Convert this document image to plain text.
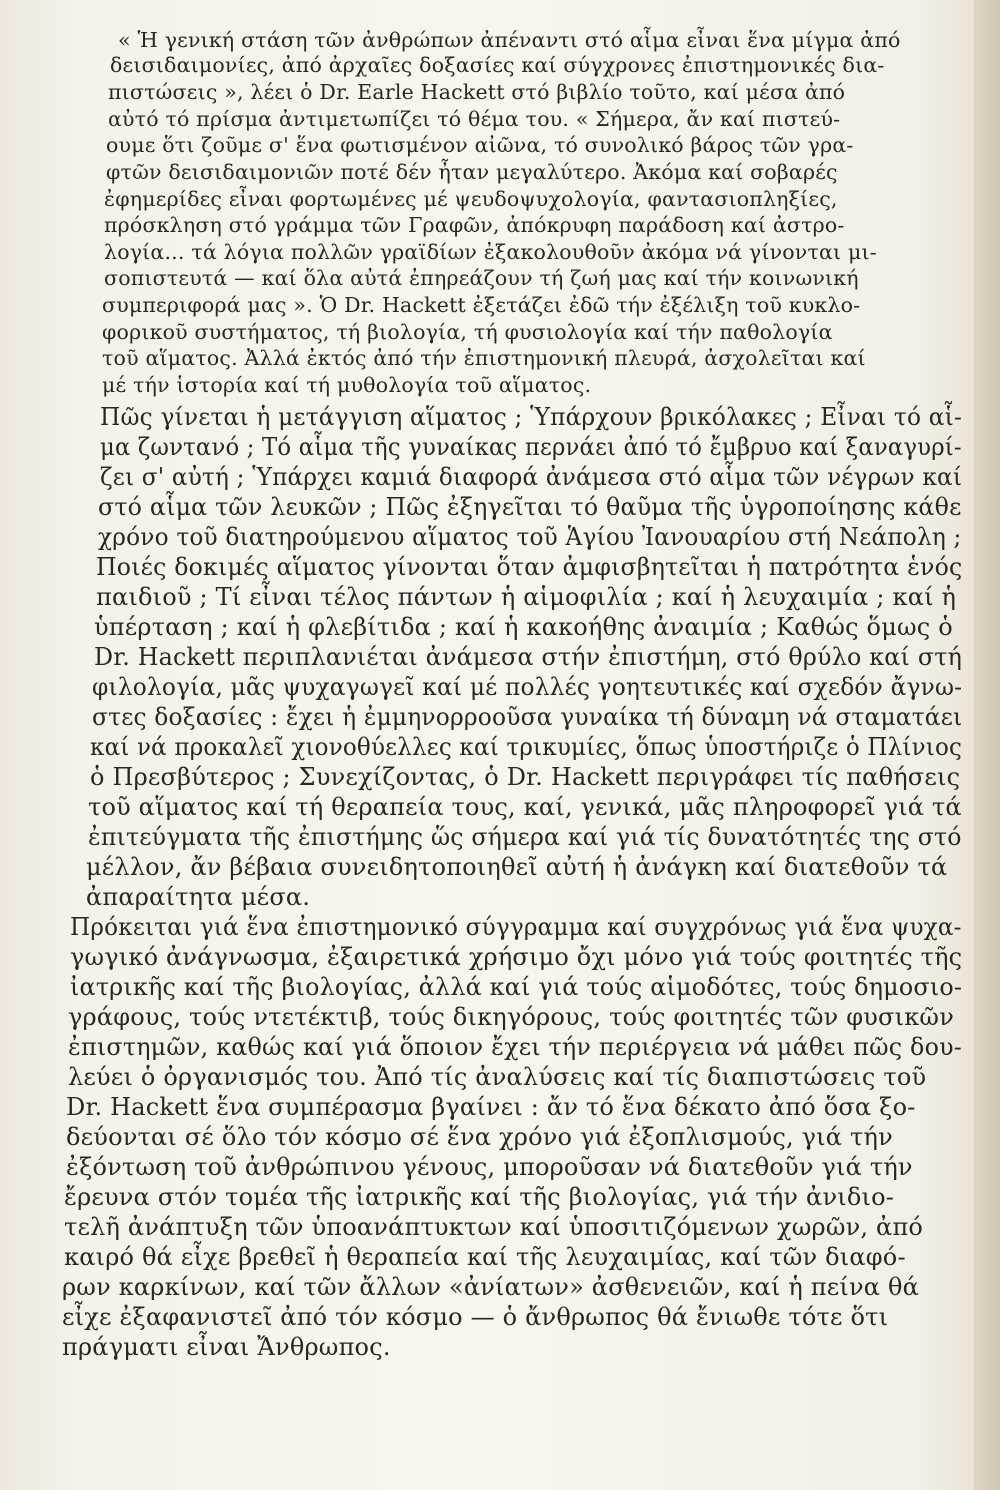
« Ἡ γενική στάση τῶν ἀνθρώπων ἀπέναντι στό αἷμα εἶναι ἕνα μίγμα ἀπό
δεισιδαιμονίες, ἀπό ἀρχαῖες δοξασίες καί σύγχρονες ἐπιστημονικές δια-
πιστώσεις », λέει ὁ Dr. Earle Hackett στό βιβλίο τοῦτο, καί μέσα ἀπό
αὐτό τό πρίσμα ἀντιμετωπίζει τό θέμα του. « Σήμερα, ἄν καί πιστεύ-
ουμε ὅτι ζοῦμε σ' ἕνα φωτισμένον αἰῶνα, τό συνολικό βάρος τῶν γρα-
φτῶν δεισιδαιμονιῶν ποτέ δέν ἦταν μεγαλύτερο. Ἀκόμα καί σοβαρές
ἐφημερίδες εἶναι φορτωμένες μέ ψευδοψυχολογία, φαντασιοπληξίες,
πρόσκληση στό γράμμα τῶν Γραφῶν, ἀπόκρυφη παράδοση καί ἀστρο-
λογία... τά λόγια πολλῶν γραϊδίων ἐξακολουθοῦν ἀκόμα νά γίνονται μι-
σοπιστευτά — καί ὅλα αὐτά ἐπηρεάζουν τή ζωή μας καί τήν κοινωνική
συμπεριφορά μας ». Ὁ Dr. Hackett ἐξετάζει ἐδῶ τήν ἐξέλιξη τοῦ κυκλο-
φορικοῦ συστήματος, τή βιολογία, τή φυσιολογία καί τήν παθολογία
τοῦ αἵματος. Ἀλλά ἐκτός ἀπό τήν ἐπιστημονική πλευρά, ἀσχολεῖται καί
μέ τήν ἱστορία καί τή μυθολογία τοῦ αἵματος.
Πῶς γίνεται ἡ μετάγγιση αἵματος ; Ὑπάρχουν βρικόλακες ; Εἶναι τό αἷ-
μα ζωντανό ; Τό αἷμα τῆς γυναίκας περνάει ἀπό τό ἔμβρυο καί ξαναγυρί-
ζει σ' αὐτή ; Ὑπάρχει καμιά διαφορά ἀνάμεσα στό αἷμα τῶν νέγρων καί
στό αἷμα τῶν λευκῶν ; Πῶς ἐξηγεῖται τό θαῦμα τῆς ὑγροποίησης κάθε
χρόνο τοῦ διατηρούμενου αἵματος τοῦ Ἁγίου Ἰανουαρίου στή Νεάπολη ;
Ποιές δοκιμές αἵματος γίνονται ὅταν ἀμφισβητεῖται ἡ πατρότητα ἑνός
παιδιοῦ ; Τί εἶναι τέλος πάντων ἡ αἱμοφιλία ; καί ἡ λευχαιμία ; καί ἡ
ὑπέρταση ; καί ἡ φλεβίτιδα ; καί ἡ κακοήθης ἀναιμία ; Καθώς ὅμως ὁ
Dr. Hackett περιπλανιέται ἀνάμεσα στήν ἐπιστήμη, στό θρύλο καί στή
φιλολογία, μᾶς ψυχαγωγεῖ καί μέ πολλές γοητευτικές καί σχεδόν ἄγνω-
στες δοξασίες : ἔχει ἡ ἐμμηνορροοῦσα γυναίκα τή δύναμη νά σταματάει
καί νά προκαλεῖ χιονοθύελλες καί τρικυμίες, ὅπως ὑποστήριζε ὁ Πλίνιος
ὁ Πρεσβύτερος ; Συνεχίζοντας, ὁ Dr. Hackett περιγράφει τίς παθήσεις
τοῦ αἵματος καί τή θεραπεία τους, καί, γενικά, μᾶς πληροφορεῖ γιά τά
ἐπιτεύγματα τῆς ἐπιστήμης ὥς σήμερα καί γιά τίς δυνατότητές της στό
μέλλον, ἄν βέβαια συνειδητοποιηθεῖ αὐτή ἡ ἀνάγκη καί διατεθοῦν τά
ἀπαραίτητα μέσα.
Πρόκειται γιά ἕνα ἐπιστημονικό σύγγραμμα καί συγχρόνως γιά ἕνα ψυχα-
γωγικό ἀνάγνωσμα, ἐξαιρετικά χρήσιμο ὄχι μόνο γιά τούς φοιτητές τῆς
ἰατρικῆς καί τῆς βιολογίας, ἀλλά καί γιά τούς αἱμοδότες, τούς δημοσιο-
γράφους, τούς ντετέκτιβ, τούς δικηγόρους, τούς φοιτητές τῶν φυσικῶν
ἐπιστημῶν, καθώς καί γιά ὅποιον ἔχει τήν περιέργεια νά μάθει πῶς δου-
λεύει ὁ ὀργανισμός του. Ἀπό τίς ἀναλύσεις καί τίς διαπιστώσεις τοῦ
Dr. Hackett ἕνα συμπέρασμα βγαίνει : ἄν τό ἕνα δέκατο ἀπό ὅσα ξο-
δεύονται σέ ὅλο τόν κόσμο σέ ἕνα χρόνο γιά ἐξοπλισμούς, γιά τήν
ἐξόντωση τοῦ ἀνθρώπινου γένους, μποροῦσαν νά διατεθοῦν γιά τήν
ἔρευνα στόν τομέα τῆς ἰατρικῆς καί τῆς βιολογίας, γιά τήν ἀνιδιο-
τελῆ ἀνάπτυξη τῶν ὑποανάπτυκτων καί ὑποσιτιζόμενων χωρῶν, ἀπό
καιρό θά εἶχε βρεθεῖ ἡ θεραπεία καί τῆς λευχαιμίας, καί τῶν διαφό-
ρων καρκίνων, καί τῶν ἄλλων «ἀνίατων» ἀσθενειῶν, καί ἡ πείνα θά
εἶχε ἐξαφανιστεῖ ἀπό τόν κόσμο — ὁ ἄνθρωπος θά ἔνιωθε τότε ὅτι
πράγματι εἶναι Ἄνθρωπος.
